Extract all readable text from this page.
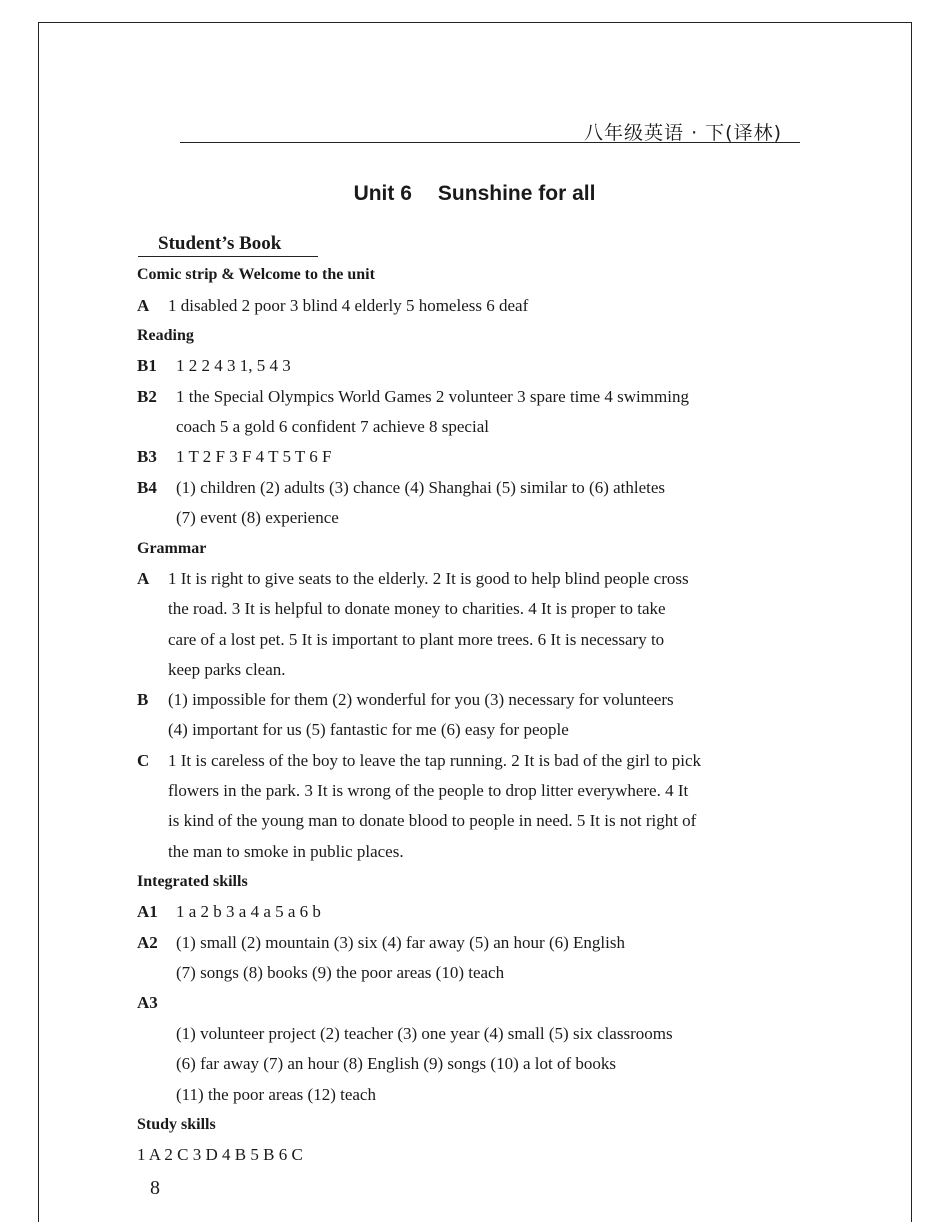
八年级英语 · 下(译林)
Unit 6 Sunshine for all
Student’s Book
Comic strip & Welcome to the unit
A 1 disabled 2 poor 3 blind 4 elderly 5 homeless 6 deaf
Reading
B1 1 2 2 4 3 1, 5 4 3
B2 1 the Special Olympics World Games 2 volunteer 3 spare time 4 swimming
coach 5 a gold 6 confident 7 achieve 8 special
B3 1 T 2 F 3 F 4 T 5 T 6 F
B4 (1) children (2) adults (3) chance (4) Shanghai (5) similar to (6) athletes
(7) event (8) experience
Grammar
A 1 It is right to give seats to the elderly. 2 It is good to help blind people cross
the road. 3 It is helpful to donate money to charities. 4 It is proper to take
care of a lost pet. 5 It is important to plant more trees. 6 It is necessary to
keep parks clean.
B (1) impossible for them (2) wonderful for you (3) necessary for volunteers
(4) important for us (5) fantastic for me (6) easy for people
C 1 It is careless of the boy to leave the tap running. 2 It is bad of the girl to pick
flowers in the park. 3 It is wrong of the people to drop litter everywhere. 4 It
is kind of the young man to donate blood to people in need. 5 It is not right of
the man to smoke in public places.
Integrated skills
A1 1 a 2 b 3 a 4 a 5 a 6 b
A2 (1) small (2) mountain (3) six (4) far away (5) an hour (6) English
(7) songs (8) books (9) the poor areas (10) teach
A3
(1) volunteer project (2) teacher (3) one year (4) small (5) six classrooms
(6) far away (7) an hour (8) English (9) songs (10) a lot of books
(11) the poor areas (12) teach
Study skills
1 A 2 C 3 D 4 B 5 B 6 C
8
